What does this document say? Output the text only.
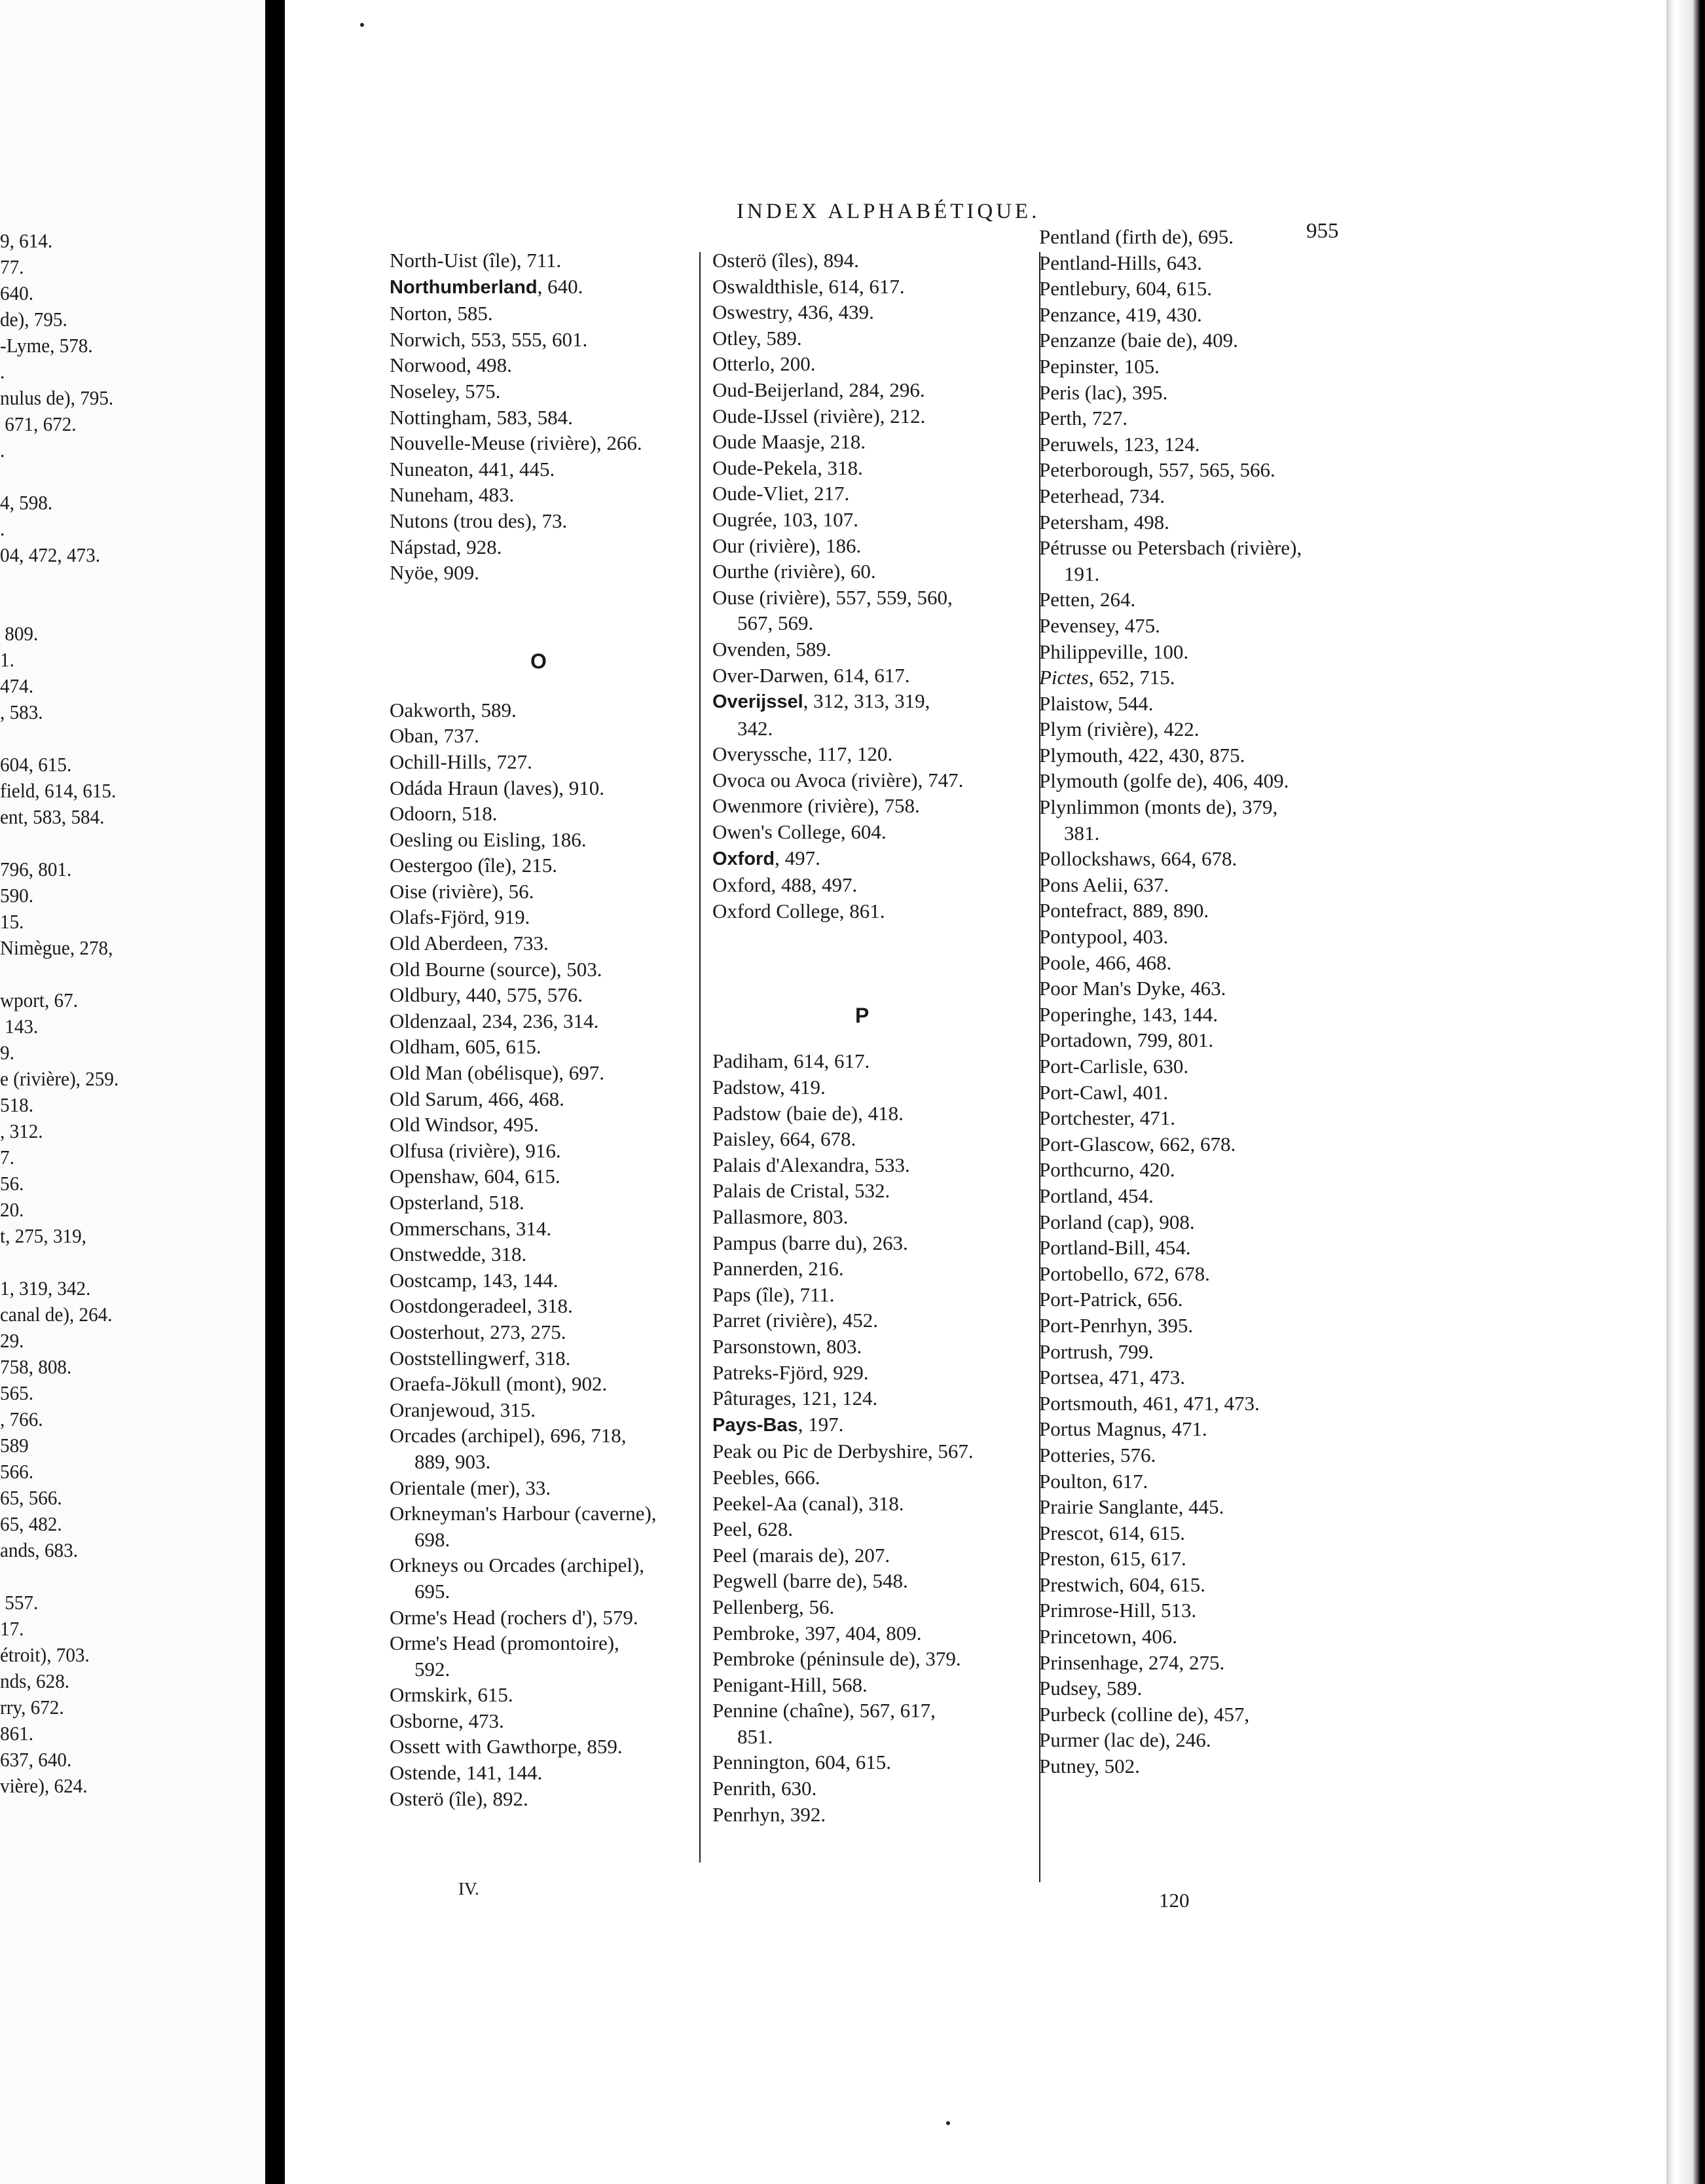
9, 614.
77.
640.
de), 795.
-Lyme, 578.
.
nulus de), 795.
671, 672.
.
4, 598.
.
04, 472, 473.
809.
1.
474.
, 583.
604, 615.
field, 614, 615.
ent, 583, 584.
796, 801.
590.
15.
Nimègue, 278,
wport, 67.
143.
9.
e (rivière), 259.
518.
, 312.
7.
56.
20.
t, 275, 319,
1, 319, 342.
canal de), 264.
29.
758, 808.
565.
, 766.
589
566.
65, 566.
65, 482.
ands, 683.
557.
17.
étroit), 703.
nds, 628.
rry, 672.
861.
637, 640.
vière), 624.
INDEX ALPHABÉTIQUE.
955
North-Uist (île), 711.
Northumberland, 640.
Norton, 585.
Norwich, 553, 555, 601.
Norwood, 498.
Noseley, 575.
Nottingham, 583, 584.
Nouvelle-Meuse (rivière), 266.
Nuneaton, 441, 445.
Nuneham, 483.
Nutons (trou des), 73.
Nápstad, 928.
Nyöe, 909.
Oakworth, 589.
Oban, 737.
Ochill-Hills, 727.
Odáda Hraun (laves), 910.
Odoorn, 518.
Oesling ou Eisling, 186.
Oestergoo (île), 215.
Oise (rivière), 56.
Olafs-Fjörd, 919.
Old Aberdeen, 733.
Old Bourne (source), 503.
Oldbury, 440, 575, 576.
Oldenzaal, 234, 236, 314.
Oldham, 605, 615.
Old Man (obélisque), 697.
Old Sarum, 466, 468.
Old Windsor, 495.
Olfusa (rivière), 916.
Openshaw, 604, 615.
Opsterland, 518.
Ommerschans, 314.
Onstwedde, 318.
Oostcamp, 143, 144.
Oostdongeradeel, 318.
Oosterhout, 273, 275.
Ooststellingwerf, 318.
Oraefa-Jökull (mont), 902.
Oranjewoud, 315.
Orcades (archipel), 696, 718,
889, 903.
Orientale (mer), 33.
Orkneyman's Harbour (caverne),
698.
Orkneys ou Orcades (archipel),
695.
Orme's Head (rochers d'), 579.
Orme's Head (promontoire),
592.
Ormskirk, 615.
Osborne, 473.
Ossett with Gawthorpe, 859.
Ostende, 141, 144.
Osterö (île), 892.
Osterö (îles), 894.
Oswaldthisle, 614, 617.
Oswestry, 436, 439.
Otley, 589.
Otterlo, 200.
Oud-Beijerland, 284, 296.
Oude-IJssel (rivière), 212.
Oude Maasje, 218.
Oude-Pekela, 318.
Oude-Vliet, 217.
Ougrée, 103, 107.
Our (rivière), 186.
Ourthe (rivière), 60.
Ouse (rivière), 557, 559, 560,
567, 569.
Ovenden, 589.
Over-Darwen, 614, 617.
Overijssel, 312, 313, 319,
342.
Overyssche, 117, 120.
Ovoca ou Avoca (rivière), 747.
Owenmore (rivière), 758.
Owen's College, 604.
Oxford, 497.
Oxford, 488, 497.
Oxford College, 861.
Padiham, 614, 617.
Padstow, 419.
Padstow (baie de), 418.
Paisley, 664, 678.
Palais d'Alexandra, 533.
Palais de Cristal, 532.
Pallasmore, 803.
Pampus (barre du), 263.
Pannerden, 216.
Paps (île), 711.
Parret (rivière), 452.
Parsonstown, 803.
Patreks-Fjörd, 929.
Pâturages, 121, 124.
Pays-Bas, 197.
Peak ou Pic de Derbyshire, 567.
Peebles, 666.
Peekel-Aa (canal), 318.
Peel, 628.
Peel (marais de), 207.
Pegwell (barre de), 548.
Pellenberg, 56.
Pembroke, 397, 404, 809.
Pembroke (péninsule de), 379.
Penigant-Hill, 568.
Pennine (chaîne), 567, 617,
851.
Pennington, 604, 615.
Penrith, 630.
Penrhyn, 392.
Pentland (firth de), 695.
Pentland-Hills, 643.
Pentlebury, 604, 615.
Penzance, 419, 430.
Penzanze (baie de), 409.
Pepinster, 105.
Peris (lac), 395.
Perth, 727.
Peruwels, 123, 124.
Peterborough, 557, 565, 566.
Peterhead, 734.
Petersham, 498.
Pétrusse ou Petersbach (rivière),
191.
Petten, 264.
Pevensey, 475.
Philippeville, 100.
Pictes, 652, 715.
Plaistow, 544.
Plym (rivière), 422.
Plymouth, 422, 430, 875.
Plymouth (golfe de), 406, 409.
Plynlimmon (monts de), 379,
381.
Pollockshaws, 664, 678.
Pons Aelii, 637.
Pontefract, 889, 890.
Pontypool, 403.
Poole, 466, 468.
Poor Man's Dyke, 463.
Poperinghe, 143, 144.
Portadown, 799, 801.
Port-Carlisle, 630.
Port-Cawl, 401.
Portchester, 471.
Port-Glascow, 662, 678.
Porthcurno, 420.
Portland, 454.
Porland (cap), 908.
Portland-Bill, 454.
Portobello, 672, 678.
Port-Patrick, 656.
Port-Penrhyn, 395.
Portrush, 799.
Portsea, 471, 473.
Portsmouth, 461, 471, 473.
Portus Magnus, 471.
Potteries, 576.
Poulton, 617.
Prairie Sanglante, 445.
Prescot, 614, 615.
Preston, 615, 617.
Prestwich, 604, 615.
Primrose-Hill, 513.
Princetown, 406.
Prinsenhage, 274, 275.
Pudsey, 589.
Purbeck (colline de), 457,
Purmer (lac de), 246.
Putney, 502.
O
P
IV.	120
